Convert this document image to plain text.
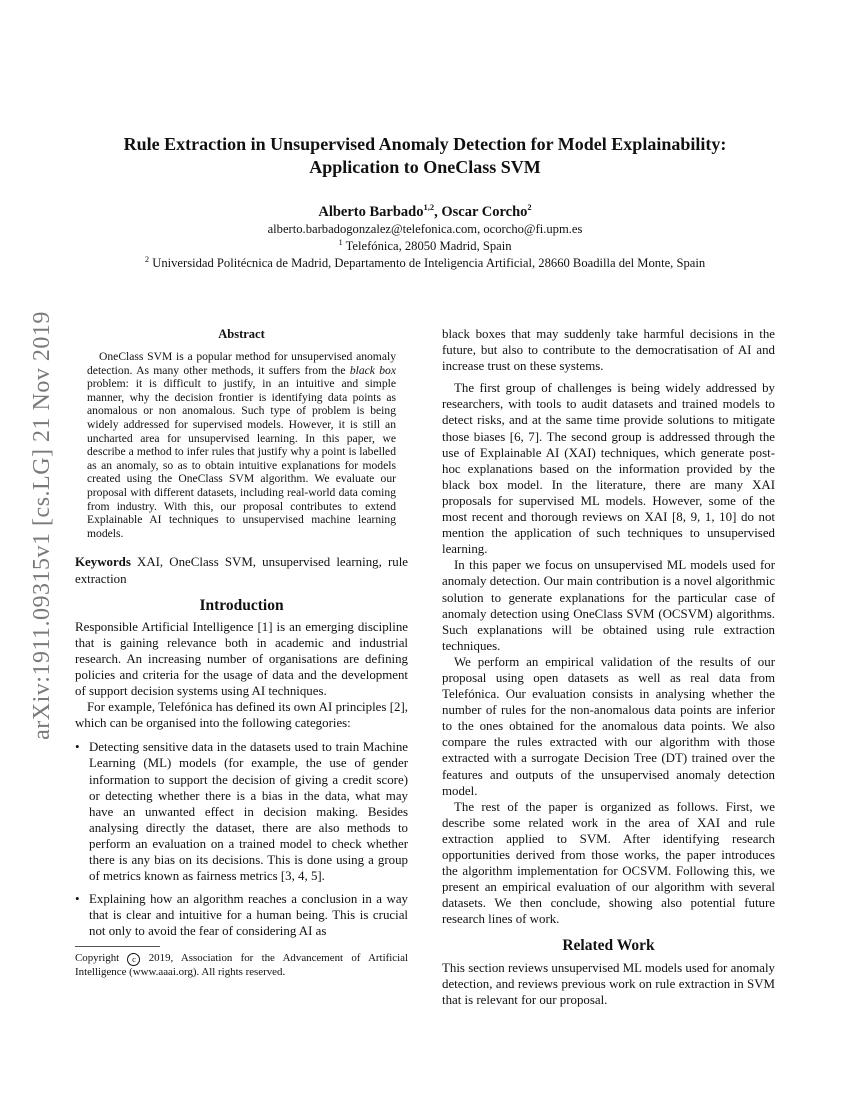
arXiv:1911.09315v1 [cs.LG] 21 Nov 2019
Rule Extraction in Unsupervised Anomaly Detection for Model Explainability:
Application to OneClass SVM
Alberto Barbado$^{1,2}$, Oscar Corcho$^2$
alberto.barbadogonzalez@telefonica.com, ocorcho@fi.upm.es
$^1$ Telefónica, 28050 Madrid, Spain
$^2$ Universidad Politécnica de Madrid, Departamento de Inteligencia Artificial, 28660 Boadilla del Monte, Spain
Abstract

OneClass SVM is a popular method for unsupervised anomaly detection. As many other methods, it suffers from the black box problem: it is difficult to justify, in an intuitive and simple manner, why the decision frontier is identifying data points as anomalous or non anomalous. Such type of problem is being widely addressed for supervised models. However, it is still an uncharted area for unsupervised learning. In this paper, we describe a method to infer rules that justify why a point is labelled as an anomaly, so as to obtain intuitive explanations for models created using the OneClass SVM algorithm. We evaluate our proposal with different datasets, including real-world data coming from industry. With this, our proposal contributes to extend Explainable AI techniques to unsupervised machine learning models.

Keywords XAI, OneClass SVM, unsupervised learning, rule extraction

Introduction

Responsible Artificial Intelligence [1] is an emerging discipline that is gaining relevance both in academic and industrial research. An increasing number of organisations are defining policies and criteria for the usage of data and the development of support decision systems using AI techniques.

For example, Telefónica has defined its own AI principles [2], which can be organised into the following categories:

• Detecting sensitive data in the datasets used to train Machine Learning (ML) models (for example, the use of gender information to support the decision of giving a credit score) or detecting whether there is a bias in the data, what may have an unwanted effect in decision making. Besides analysing directly the dataset, there are also methods to perform an evaluation on a trained model to check whether there is any bias on its decisions. This is done using a group of metrics known as fairness metrics [3, 4, 5].
• Explaining how an algorithm reaches a conclusion in a way that is clear and intuitive for a human being. This is crucial not only to avoid the fear of considering AI as

Copyright c 2019, Association for the Advancement of Artificial Intelligence (www.aaai.org). All rights reserved.

black boxes that may suddenly take harmful decisions in the future, but also to contribute to the democratisation of AI and increase trust on these systems.

The first group of challenges is being widely addressed by researchers, with tools to audit datasets and trained models to detect risks, and at the same time provide solutions to mitigate those biases [6, 7]. The second group is addressed through the use of Explainable AI (XAI) techniques, which generate post-hoc explanations based on the information provided by the black box model. In the literature, there are many XAI proposals for supervised ML models. However, some of the most recent and thorough reviews on XAI [8, 9, 1, 10] do not mention the application of such techniques to unsupervised learning.

In this paper we focus on unsupervised ML models used for anomaly detection. Our main contribution is a novel algorithmic solution to generate explanations for the particular case of anomaly detection using OneClass SVM (OCSVM) algorithms. Such explanations will be obtained using rule extraction techniques.

We perform an empirical validation of the results of our proposal using open datasets as well as real data from Telefónica. Our evaluation consists in analysing whether the number of rules for the non-anomalous data points are inferior to the ones obtained for the anomalous data points. We also compare the rules extracted with our algorithm with those extracted with a surrogate Decision Tree (DT) trained over the features and outputs of the unsupervised anomaly detection model.

The rest of the paper is organized as follows. First, we describe some related work in the area of XAI and rule extraction applied to SVM. After identifying research opportunities derived from those works, the paper introduces the algorithm implementation for OCSVM. Following this, we present an empirical evaluation of our algorithm with several datasets. We then conclude, showing also potential future research lines of work.

Related Work

This section reviews unsupervised ML models used for anomaly detection, and reviews previous work on rule extraction in SVM that is relevant for our proposal.
